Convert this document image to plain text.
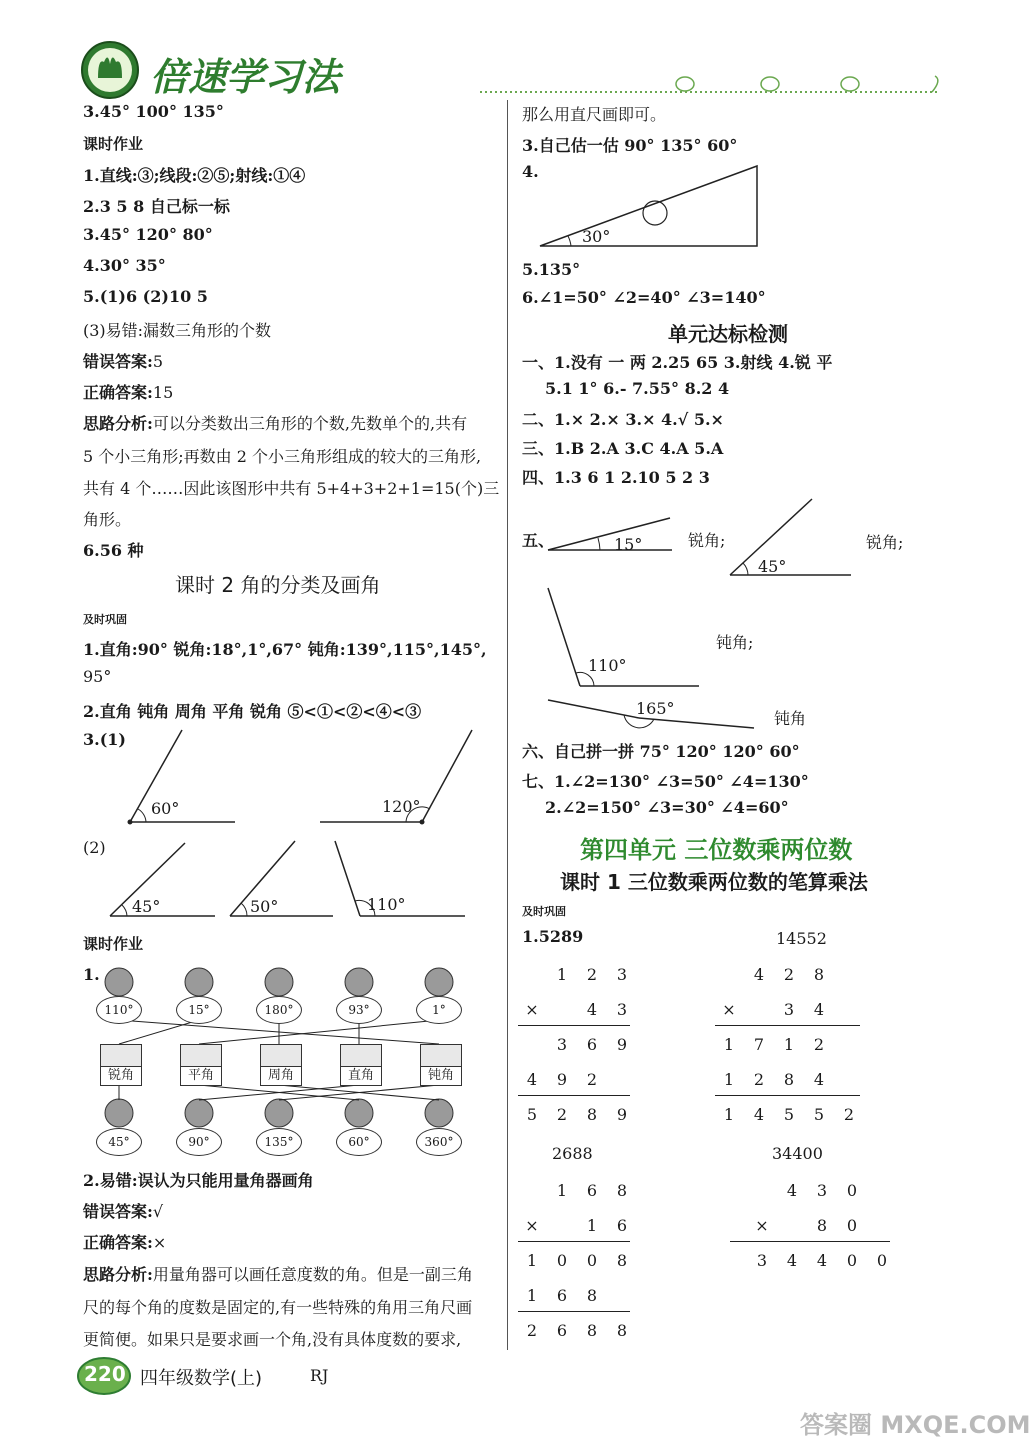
倍速学习法
3.45° 100° 135°
课时作业
1.直线:③;线段:②⑤;射线:①④
2.3 5 8 自己标一标
3.45° 120° 80°
4.30° 35°
5.(1)6 (2)10 5
(3)易错:漏数三角形的个数
错误答案:5
正确答案:15
思路分析:可以分类数出三角形的个数,先数单个的,共有
5 个小三角形;再数由 2 个小三角形组成的较大的三角形,
共有 4 个……因此该图形中共有 5+4+3+2+1=15(个)三
角形。
6.56 种
课时 2 角的分类及画角
及时巩固
1.直角:90° 锐角:18°,1°,67° 钝角:139°,115°,145°,
95°
2.直角 钝角 周角 平角 锐角 ⑤<①<②<④<③
3.(1)
60°	120°
(2)
45°	50°	110°
课时作业
1.
110°	15°	180°	93°	1°
锐角	平角	周角	直角	钝角
45°	90°	135°	60°	360°
2.易错:误认为只能用量角器画角
错误答案:√
正确答案:×
思路分析:用量角器可以画任意度数的角。但是一副三角
尺的每个角的度数是固定的,有一些特殊的角用三角尺画
更简便。如果只是要求画一个角,没有具体度数的要求,
那么用直尺画即可。
3.自己估一估 90° 135° 60°
4.
30°
5.135°
6.∠1=50° ∠2=40° ∠3=140°
单元达标检测
一、1.没有 一 两 2.25 65 3.射线 4.锐 平
5.1 1° 6.- 7.55° 8.2 4
二、1.× 2.× 3.× 4.√ 5.×
三、1.B 2.A 3.C 4.A 5.A
四、1.3 6 1 2.10 5 2 3
五、	15°	锐角;
45°
锐角;
110°
钝角;
165°
钝角
六、自己拼一拼 75° 120° 120° 60°
七、1.∠2=130° ∠3=50° ∠4=130°
2.∠2=150° ∠3=30° ∠4=60°
第四单元 三位数乘两位数
课时 1 三位数乘两位数的笔算乘法
及时巩固
1.5289	14552
1	2	3
×	4	3
3	6	9
4	9	2
5	2	8	9
4	2	8
×	3	4
1	7	1	2
1	2	8	4
1	4	5	5	2
2688	34400
1	6	8
×	1	6
1	0	0	8
1	6	8
2	6	8	8
4	3	0
×	8	0
3	4	4	0	0
220 四年级数学(上)	RJ
答案圈 MXQE.COM
